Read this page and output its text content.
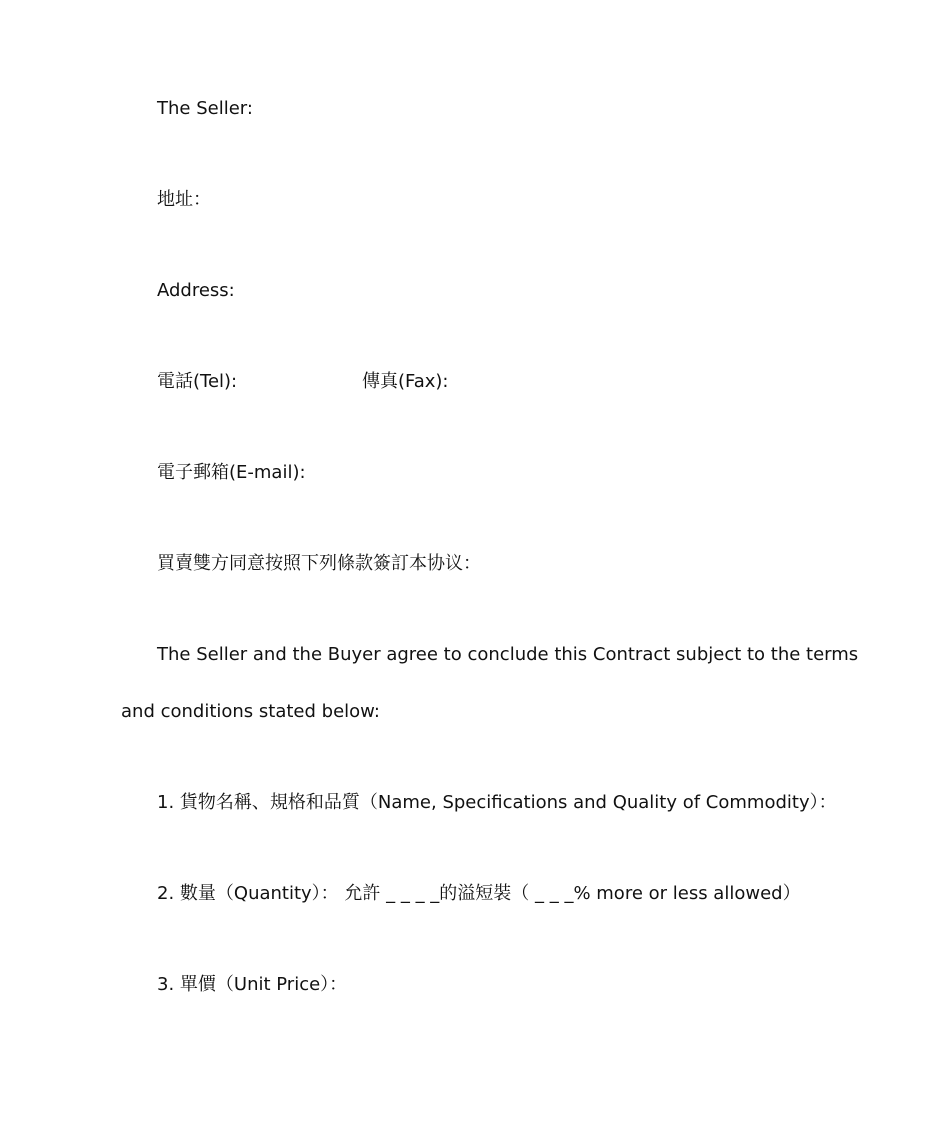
The Seller:
地址：
Address:
電話(Tel):	傳真(Fax):
電子郵箱(E-mail):
買賣雙方同意按照下列條款簽訂本协议：
The Seller and the Buyer agree to conclude this Contract subject to the terms
and conditions stated below:
1. 貨物名稱、規格和品質（Name, Specifications and Quality of Commodity）：
2. 數量（Quantity）： 允許 _ _ _ _的溢短裝（ _ _ _% more or less allowed）
3. 單價（Unit Price）：
